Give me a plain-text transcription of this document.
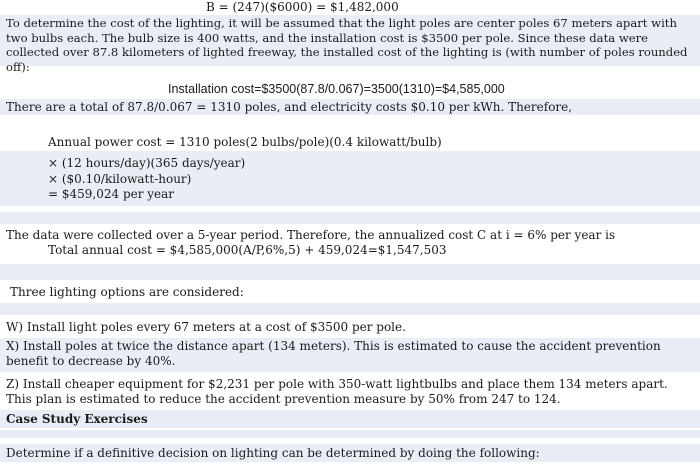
B = (247)($6000) = $1,482,000
To determine the cost of the lighting, it will be assumed that the light poles are center poles 67 meters apart with two bulbs each. The bulb size is 400 watts, and the installation cost is $3500 per pole. Since these data were collected over 87.8 kilometers of lighted freeway, the installed cost of the lighting is (with number of poles rounded off):
Installation cost=$3500(87.8/0.067)=3500(1310)=$4,585,000
There are a total of 87.8/0.067 = 1310 poles, and electricity costs $0.10 per kWh. Therefore,
Annual power cost = 1310 poles(2 bulbs/pole)(0.4 kilowatt/bulb)
× (12 hours/day)(365 days/year)
× ($0.10/kilowatt-hour)
= $459,024 per year
The data were collected over a 5-year period. Therefore, the annualized cost C at i = 6% per year is
Total annual cost = $4,585,000(A/P,6%,5) + 459,024=$1,547,503
Three lighting options are considered:
W) Install light poles every 67 meters at a cost of $3500 per pole.
X) Install poles at twice the distance apart (134 meters). This is estimated to cause the accident prevention benefit to decrease by 40%.
Z) Install cheaper equipment for $2,231 per pole with 350-watt lightbulbs and place them 134 meters apart. This plan is estimated to reduce the accident prevention measure by 50% from 247 to 124.
Case Study Exercises
Determine if a definitive decision on lighting can be determined by doing the following:
